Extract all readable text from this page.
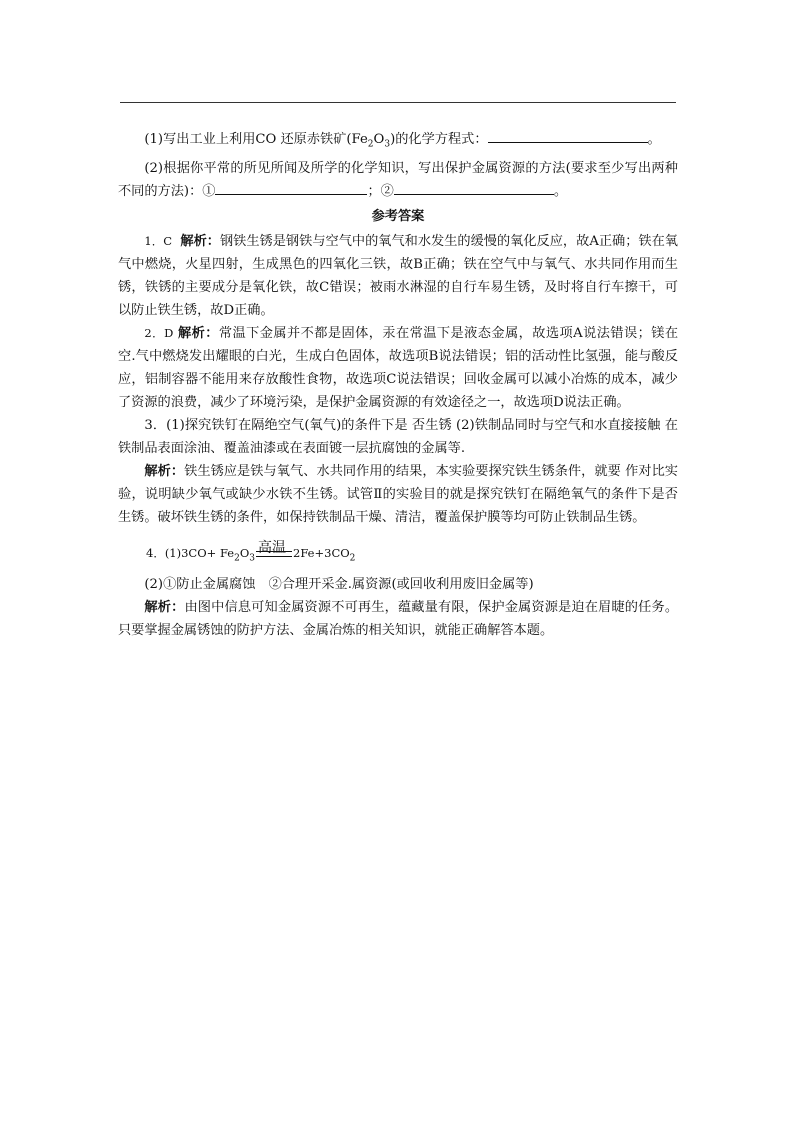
(1)写出工业上利用CO 还原赤铁矿$(Fe_2O_3)$的化学方程式：	。

(2)根据你平常的所见所闻及所学的化学知识，写出保护金属资源的方法(要求至少写出两种不同的方法)：①	；②	。

参考答案

1．C 解析：钢铁生锈是钢铁与空气中的氧气和水发生的缓慢的氧化反应，故A正确；铁在氧气中燃烧，火星四射，生成黑色的四氧化三铁，故B正确；铁在空气中与氧气、水共同作用而生锈，铁锈的主要成分是氧化铁，故C错误；被雨水淋湿的自行车易生锈，及时将自行车擦干，可以防止铁生锈，故D正确。

2．D 解析：常温下金属并不都是固体，汞在常温下是液态金属，故选项A说法错误；镁在空.气中燃烧发出耀眼的白光，生成白色固体，故选项B说法错误；铝的活动性比氢强，能与酸反应，铝制容器不能用来存放酸性食物，故选项C说法错误；回收金属可以减小冶炼的成本，减少了资源的浪费，减少了环境污染，是保护金属资源的有效途径之一，故选项D说法正确。

3．(1)探究铁钉在隔绝空气(氧气)的条件下是 否生锈 (2)铁制品同时与空气和水直接接触 在铁制品表面涂油、覆盖油漆或在表面镀一层抗腐蚀的金属等.

解析：铁生锈应是铁与氧气、水共同作用的结果，本实验要探究铁生锈条件，就要 作对比实验，说明缺少氧气或缺少水铁不生锈。试管Ⅱ的实验目的就是探究铁钉在隔绝氧气的条件下是否生锈。破坏铁生锈的条件，如保持铁制品干燥、清洁，覆盖保护膜等均可防止铁制品生锈。

高温
4．$(1)3CO+ Fe_2O_3$	$2Fe+3CO_2$

(2)①防止金属腐蚀　②合理开采金.属资源(或回收利用废旧金属等)

解析：由图中信息可知金属资源不可再生，蕴藏量有限，保护金属资源是迫在眉睫的任务。只要掌握金属锈蚀的防护方法、金属冶炼的相关知识，就能正确解答本题。
